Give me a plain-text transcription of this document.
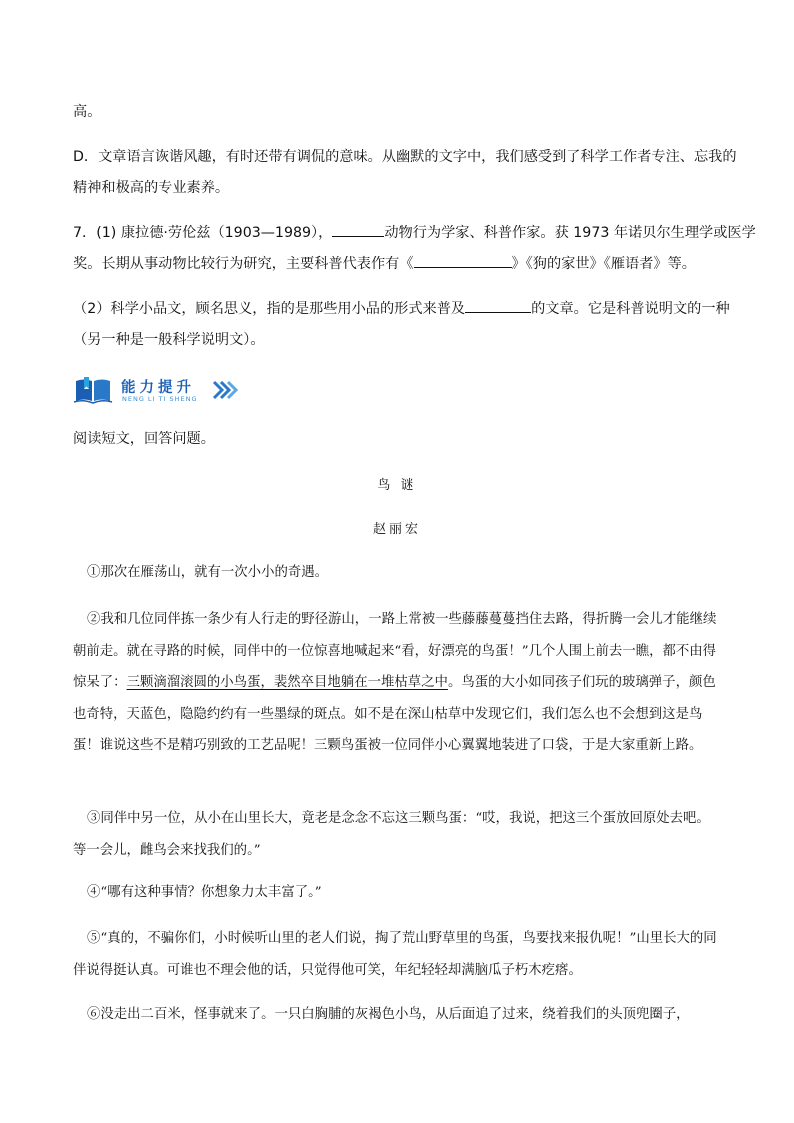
高。

D．文章语言诙谐风趣，有时还带有调侃的意味。从幽默的文字中，我们感受到了科学工作者专注、忘我的
精神和极高的专业素养。
7．(1) 康拉德·劳伦兹（1903—1989），	动物行为学家、科普作家。获 1973 年诺贝尔生理学或医学
奖。长期从事动物比较行为研究，主要科普代表作有《	》《狗的家世》《雁语者》等。
（2）科学小品文，顾名思义，指的是那些用小品的形式来普及	的文章。它是科普说明文的一种
（另一种是一般科学说明文）。
能力提升
NENG LI TI SHENG

阅读短文，回答问题。

鸟 谜
赵丽宏

①那次在雁荡山，就有一次小小的奇遇。

②我和几位同伴拣一条少有人行走的野径游山，一路上常被一些藤藤蔓蔓挡住去路，得折腾一会儿才能继续朝前走。就在寻路的时候，同伴中的一位惊喜地喊起来“看，好漂亮的鸟蛋！”几个人围上前去一瞧，都不由得惊呆了：三颗滴溜滚圆的小鸟蛋，裴然卒目地躺在一堆枯草之中。鸟蛋的大小如同孩子们玩的玻璃弹子，颜色也奇特，天蓝色，隐隐约约有一些墨绿的斑点。如不是在深山枯草中发现它们，我们怎么也不会想到这是鸟蛋！谁说这些不是精巧别致的工艺品呢！三颗鸟蛋被一位同伴小心翼翼地装进了口袋，于是大家重新上路。

③同伴中另一位，从小在山里长大，竟老是念念不忘这三颗鸟蛋：“哎，我说，把这三个蛋放回原处去吧。等一会儿，雌鸟会来找我们的。”

④“哪有这种事情？你想象力太丰富了。”

⑤“真的，不骗你们，小时候听山里的老人们说，掏了荒山野草里的鸟蛋，鸟要找来报仇呢！”山里长大的同伴说得挺认真。可谁也不理会他的话，只觉得他可笑，年纪轻轻却满脑瓜子朽木疙瘩。

⑥没走出二百米，怪事就来了。一只白胸脯的灰褐色小鸟，从后面追了过来，绕着我们的头顶兜圈子，
